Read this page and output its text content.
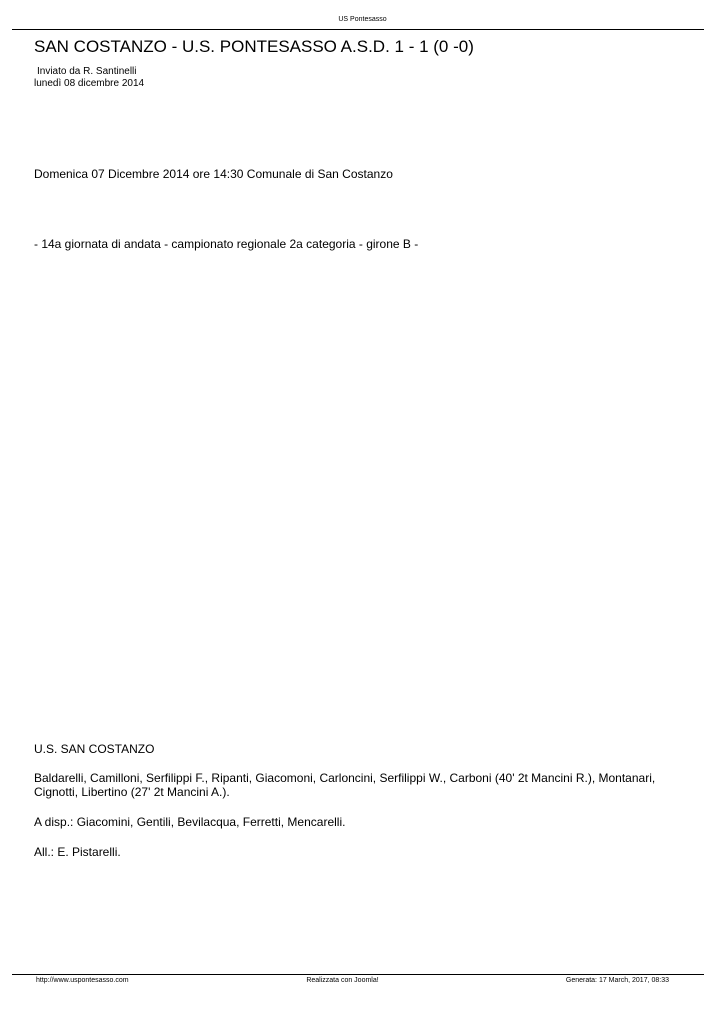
US Pontesasso
SAN COSTANZO - U.S. PONTESASSO A.S.D. 1 - 1 (0 -0)
Inviato da R. Santinelli
lunedì 08 dicembre 2014

Domenica 07 Dicembre 2014 ore 14:30 Comunale di San Costanzo

- 14a giornata di andata - campionato regionale 2a categoria - girone B -

U.S. SAN COSTANZO

Baldarelli, Camilloni, Serfilippi F., Ripanti, Giacomoni, Carloncini, Serfilippi W., Carboni (40' 2t Mancini R.), Montanari, Cignotti, Libertino (27' 2t Mancini A.).

A disp.: Giacomini, Gentili, Bevilacqua, Ferretti, Mencarelli.

All.: E. Pistarelli.

http://www.uspontesasso.com	Realizzata con Joomla!	Generata: 17 March, 2017, 08:33
